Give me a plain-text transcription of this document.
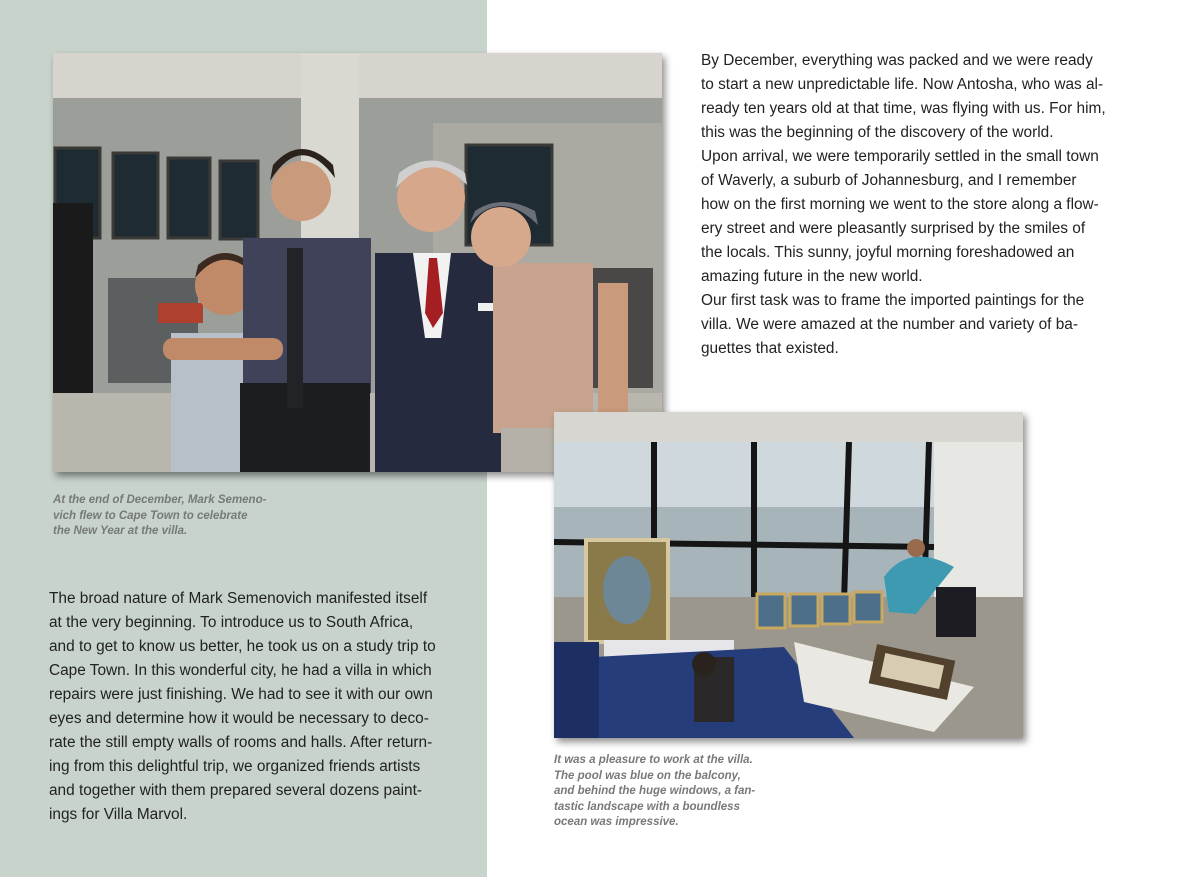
At the end of December, Mark Semeno-
vich flew to Cape Town to celebrate
the New Year at the villa.

By December, everything was packed and we were ready
to start a new unpredictable life. Now Antosha, who was al-
ready ten years old at that time, was flying with us. For him,
this was the beginning of the discovery of the world.
Upon arrival, we were temporarily settled in the small town
of Waverly, a suburb of Johannesburg, and I remember
how on the first morning we went to the store along a flow-
ery street and were pleasantly surprised by the smiles of
the locals. This sunny, joyful morning foreshadowed an
amazing future in the new world.
Our first task was to frame the imported paintings for the
villa. We were amazed at the number and variety of ba-
guettes that existed.

The broad nature of Mark Semenovich manifested itself
at the very beginning. To introduce us to South Africa,
and to get to know us better, he took us on a study trip to
Cape Town. In this wonderful city, he had a villa in which
repairs were just finishing. We had to see it with our own
eyes and determine how it would be necessary to deco-
rate the still empty walls of rooms and halls. After return-
ing from this delightful trip, we organized friends artists
and together with them prepared several dozens paint-
ings for Villa Marvol.

It was a pleasure to work at the villa.
The pool was blue on the balcony,
and behind the huge windows, a fan-
tastic landscape with a boundless
ocean was impressive.
